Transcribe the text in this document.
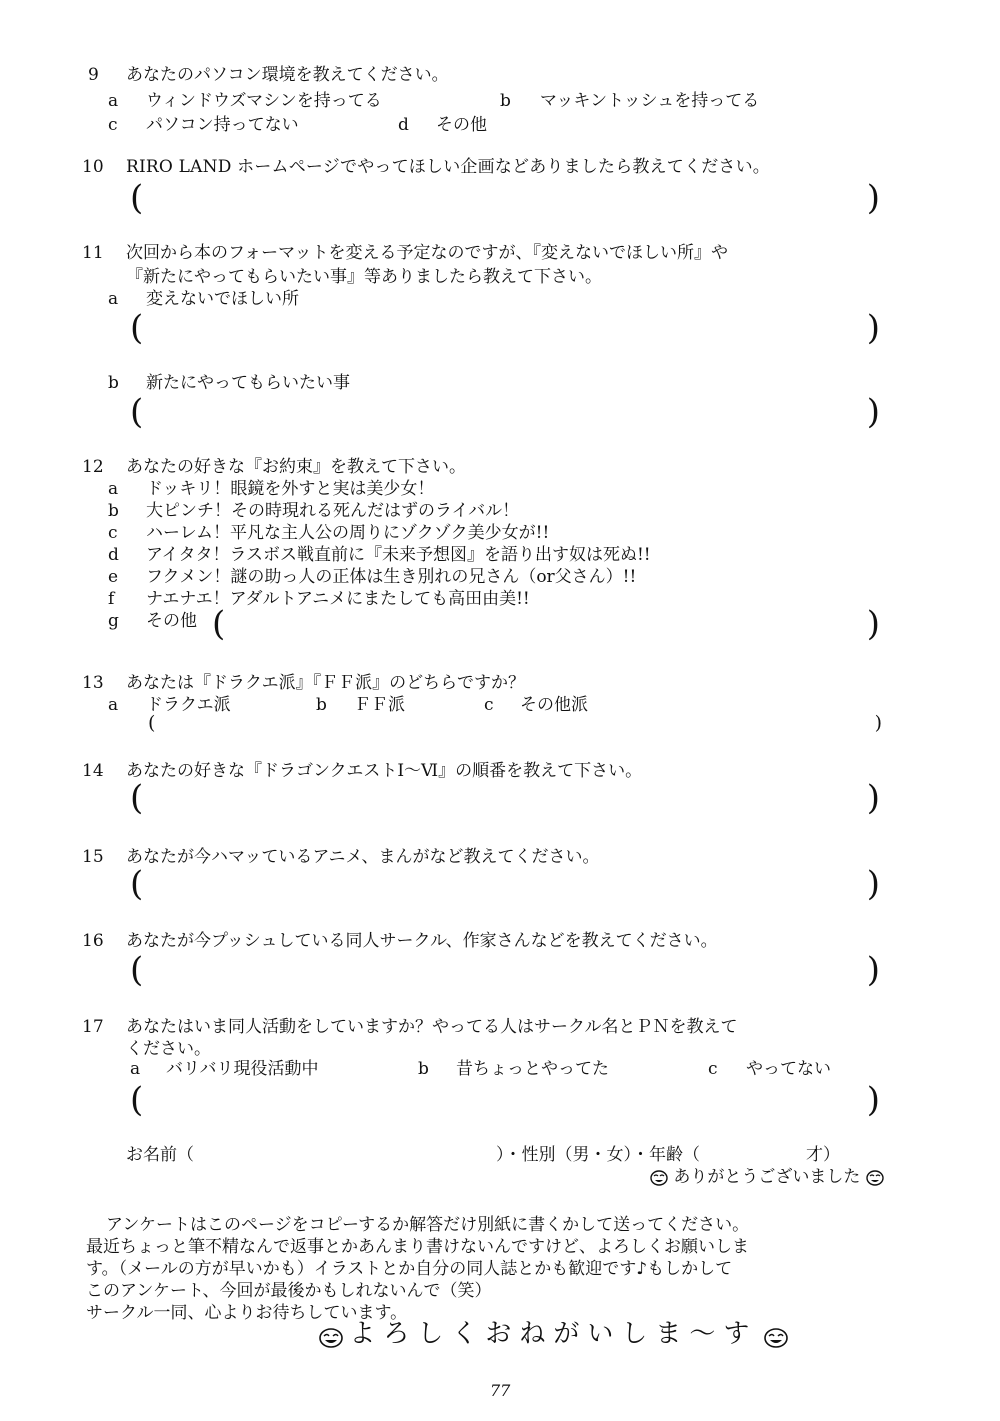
9 あなたのパソコン環境を教えてください。
a ウィンドウズマシンを持ってる	b マッキントッシュを持ってる
c パソコン持ってない	d その他
10 RIRO LAND ホームページでやってほしい企画などありましたら教えてください。
(	)
11 次回から本のフォーマットを変える予定なのですが、『変えないでほしい所』や
『新たにやってもらいたい事』等ありましたら教えて下さい。
a 変えないでほしい所
(	)
b 新たにやってもらいたい事
(	)
12 あなたの好きな『お約束』を教えて下さい。
a ドッキリ！眼鏡を外すと実は美少女！
b 大ピンチ！その時現れる死んだはずのライバル！
c ハーレム！平凡な主人公の周りにゾクゾク美少女が!!
d アイタタ！ラスボス戦直前に『未来予想図』を語り出す奴は死ぬ!!
e フクメン！謎の助っ人の正体は生き別れの兄さん（or父さん）!!
f ナエナエ！アダルトアニメにまたしても高田由美!!
g その他 (	)
13 あなたは『ドラクエ派』『ＦＦ派』のどちらですか？
a ドラクエ派	b ＦＦ派	c その他派
(	)
14 あなたの好きな『ドラゴンクエストⅠ～Ⅵ』の順番を教えて下さい。
(	)
15 あなたが今ハマッているアニメ、まんがなど教えてください。
(	)
16 あなたが今プッシュしている同人サークル、作家さんなどを教えてください。
(	)
17 あなたはいま同人活動をしていますか？やってる人はサークル名とＰＮを教えて
ください。
a バリバリ現役活動中	b 昔ちょっとやってた	c やってない
(	)
お名前（	）・性別（男・女）・年齢（	才）
ありがとうございました
アンケートはこのページをコピーするか解答だけ別紙に書くかして送ってください。
最近ちょっと筆不精なんで返事とかあんまり書けないんですけど、よろしくお願いしま
す。（メールの方が早いかも）イラストとか自分の同人誌とかも歓迎です♪もしかして
このアンケート、今回が最後かもしれないんで（笑）
サークル一同、心よりお待ちしています。
よろしくおねがいしま～す
77
